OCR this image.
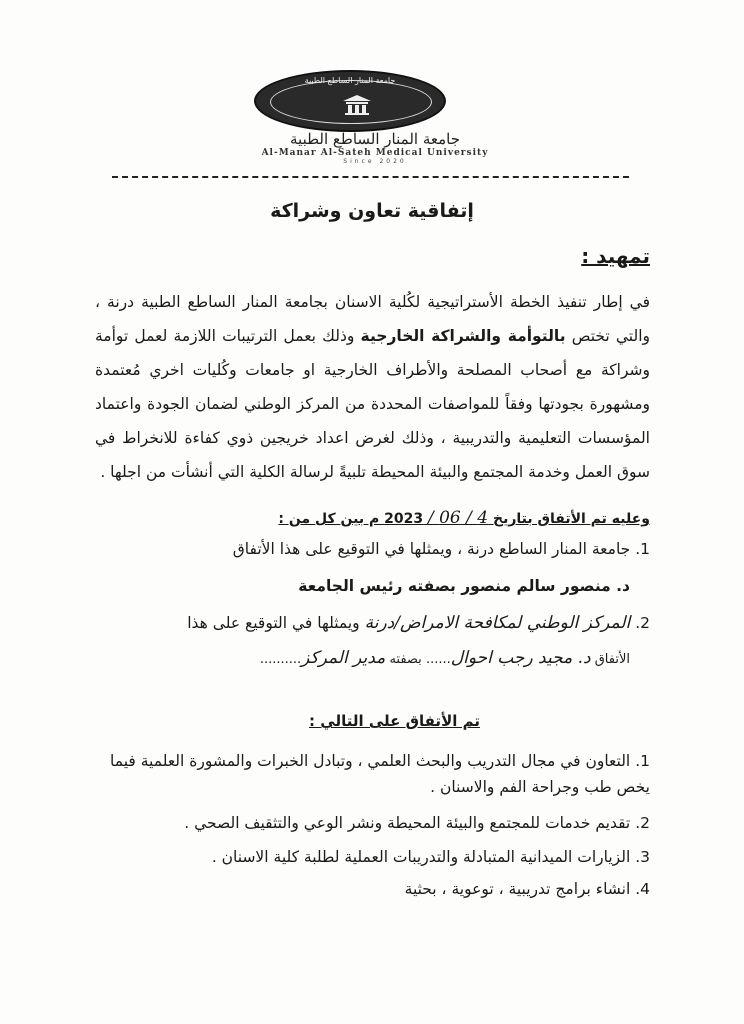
جامعة المنار الساطع الطبية
جامعة المنار الساطع الطبية
Al-Manar Al-Sateh Medical University
Since 2020
إتفاقية تعاون وشراكة
تمهيد :
في إطار تنفيذ الخطة الأستراتيجية لكُلية الاسنان بجامعة المنار الساطع الطبية درنة ، والتي تختص بالتوأمة والشراكة الخارجية وذلك بعمل الترتيبات اللازمة لعمل توأمة وشراكة مع أصحاب المصلحة والأطراف الخارجية او جامعات وكُليات اخري مُعتمدة ومشهورة بجودتها وفقاً للمواصفات المحددة من المركز الوطني لضمان الجودة واعتماد المؤسسات التعليمية والتدريبية ، وذلك لغرض اعداد خريجين ذوي كفاءة للانخراط في سوق العمل وخدمة المجتمع والبيئة المحيطة تلبيةً لرسالة الكلية التي أنشأت من اجلها .
وعليه تم الأتفاق بتاريخ 4 / 06 / 2023 م بين كل من :
1. جامعة المنار الساطع درنة ، ويمثلها في التوقيع على هذا الأتفاق
د. منصور سالم منصور بصفته رئيس الجامعة
2. المركز الوطني لمكافحة الامراض/درنة ويمثلها في التوقيع على هذا
الأتفاق د. مجيد رجب احوال...... بصفته مدير المركز..........
تم الأتفاق على التالي :
1. التعاون في مجال التدريب والبحث العلمي ، وتبادل الخبرات والمشورة العلمية فيما يخص طب وجراحة الفم والاسنان .
2. تقديم خدمات للمجتمع والبيئة المحيطة ونشر الوعي والتثقيف الصحي .
3. الزيارات الميدانية المتبادلة والتدريبات العملية لطلبة كلية الاسنان .
4. انشاء برامج تدريبية ، توعوية ، بحثية
